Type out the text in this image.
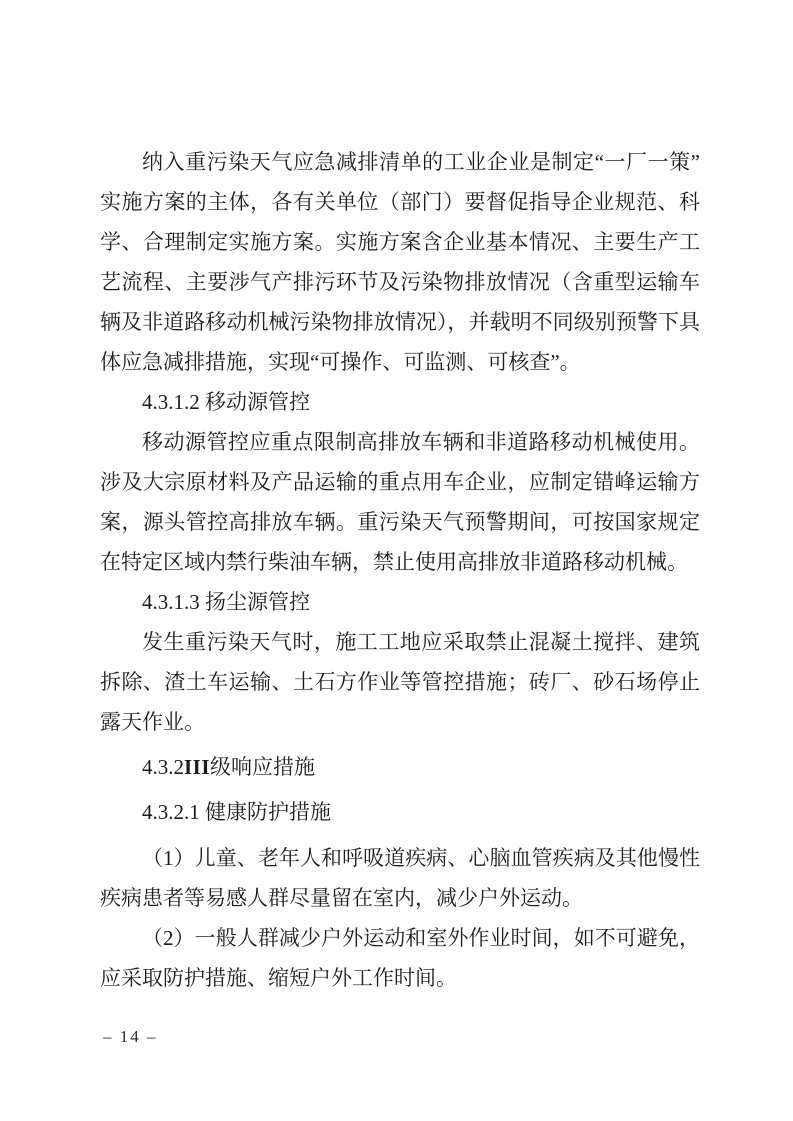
纳入重污染天气应急减排清单的工业企业是制定“一厂一策”实施方案的主体，各有关单位（部门）要督促指导企业规范、科学、合理制定实施方案。实施方案含企业基本情况、主要生产工艺流程、主要涉气产排污环节及污染物排放情况（含重型运输车辆及非道路移动机械污染物排放情况），并载明不同级别预警下具体应急减排措施，实现“可操作、可监测、可核查”。

4.3.1.2 移动源管控

移动源管控应重点限制高排放车辆和非道路移动机械使用。涉及大宗原材料及产品运输的重点用车企业，应制定错峰运输方案，源头管控高排放车辆。重污染天气预警期间，可按国家规定在特定区域内禁行柴油车辆，禁止使用高排放非道路移动机械。

4.3.1.3 扬尘源管控

发生重污染天气时，施工工地应采取禁止混凝土搅拌、建筑拆除、渣土车运输、土石方作业等管控措施；砖厂、砂石场停止露天作业。

4.3.2III级响应措施

4.3.2.1 健康防护措施

（1）儿童、老年人和呼吸道疾病、心脑血管疾病及其他慢性疾病患者等易感人群尽量留在室内，减少户外运动。

（2）一般人群减少户外运动和室外作业时间，如不可避免，应采取防护措施、缩短户外工作时间。

– 14 –
